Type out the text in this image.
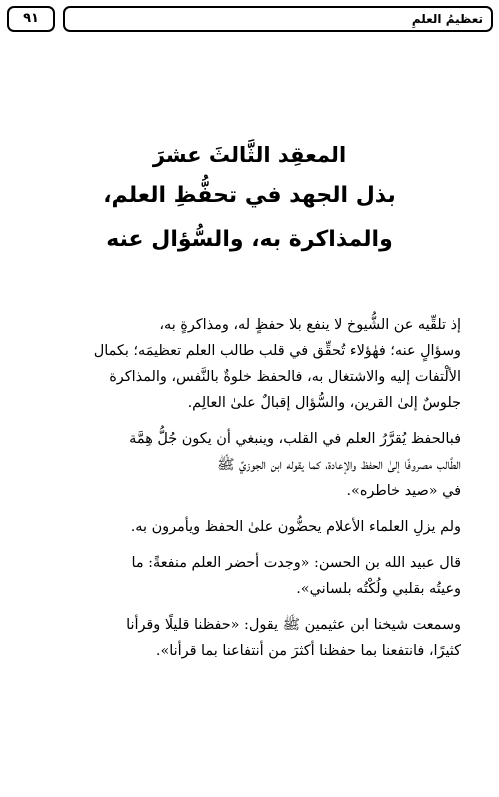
تعظيمُ العلمِ
٩١
المعقِد الثَّالثَ عشرَ
بذل الجهد في تحفُّظِ العلم،
والمذاكرة به، والسُّؤال عنه

إذ تلقِّيه عن الشُّيوخ لا ينفع بلا حفظٍ له، ومذاكرةٍ به،
وسؤالٍ عنه؛ فهٰؤلاء تُحقِّق في قلب طالب العلم تعظيمَه؛ بكمال
الألْتفات إليه والاشتغال به، فالحفظ خلوةٌ بالنَّفس، والمذاكرة
جلوسٌ إلىٰ القرين، والسُّؤال إقبالٌ علىٰ العالِم.

فبالحفظ يُقرَّرُ العلم في القلب، وينبغي أن يكون جُلُّ هِمَّة
الطَّالب مصروفًا إلىٰ الحفظ والإعادة، كما يقوله ابن الجوزيِّ ﷺ
في «صيد خاطره».

ولم يزلِ العلماء الأعلام يحضُّون علىٰ الحفظ ويأمرون به.

قال عبيد الله بن الحسن: «وجدت أحضر العلم منفعةً: ما
وعيتُه بقلبي ولُكْتُه بلساني».

وسمعت شيخنا ابن عثيمين ﷺ يقول: «حفظنا قليلًا وقرأنا
كثيرًا، فانتفعنا بما حفظنا أكثرَ من أنتفاعنا بما قرأنا».
